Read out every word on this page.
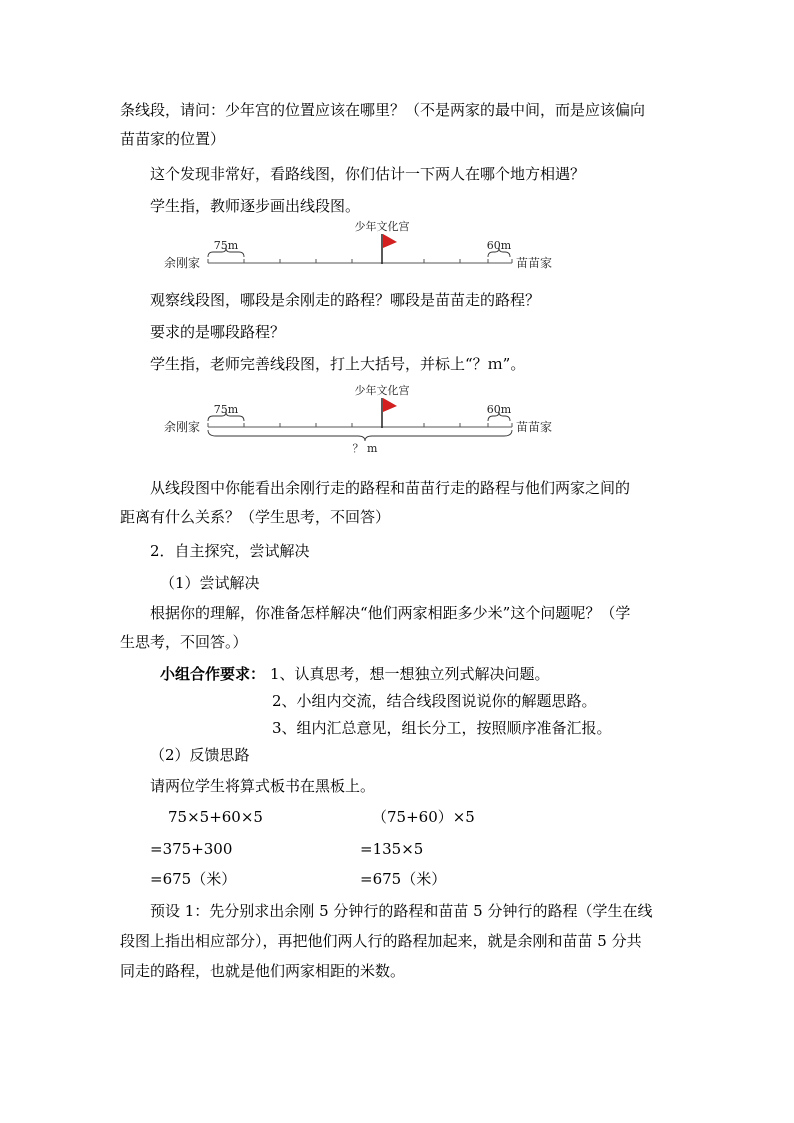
条线段，请问：少年宫的位置应该在哪里？（不是两家的最中间，而是应该偏向
苗苗家的位置）
这个发现非常好，看路线图，你们估计一下两人在哪个地方相遇？
学生指，教师逐步画出线段图。
少年文化宫
75m	60m
余刚家	苗苗家
观察线段图，哪段是余刚走的路程？哪段是苗苗走的路程？
要求的是哪段路程？
学生指，老师完善线段图，打上大括号，并标上“？ｍ”。
少年文化宫
75m	60m
余刚家	苗苗家
？ m
从线段图中你能看出余刚行走的路程和苗苗行走的路程与他们两家之间的
距离有什么关系？（学生思考，不回答）
2．自主探究，尝试解决
（1）尝试解决
根据你的理解，你准备怎样解决“他们两家相距多少米”这个问题呢？（学
生思考，不回答。）
小组合作要求： 1、认真思考，想一想独立列式解决问题。
2、小组内交流，结合线段图说说你的解题思路。
3、组内汇总意见，组长分工，按照顺序准备汇报。
（2）反馈思路
请两位学生将算式板书在黑板上。
75×5+60×5	（75+60）×5
=375+300	=135×5
=675（米）	=675（米）
预设 1：先分别求出余刚 5 分钟行的路程和苗苗 5 分钟行的路程（学生在线
段图上指出相应部分），再把他们两人行的路程加起来，就是余刚和苗苗 5 分共
同走的路程，也就是他们两家相距的米数。
